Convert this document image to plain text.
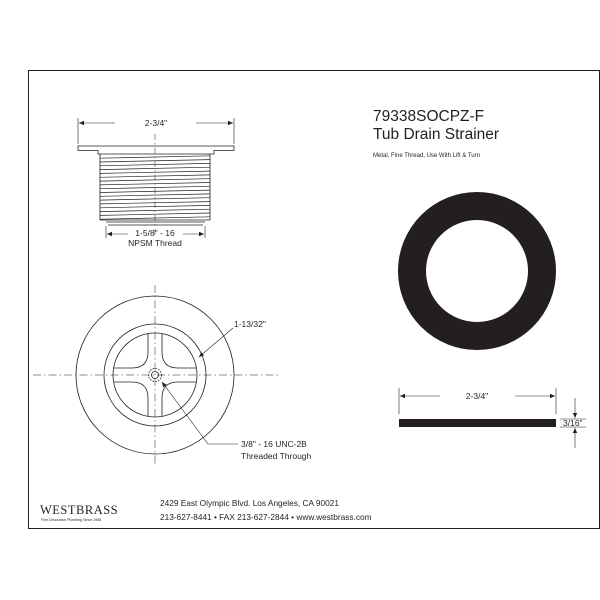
2-3/4"
1-5/8" - 16
NPSM Thread
1-13/32"
3/8" - 16 UNC-2B
Threaded Through
79338SOCPZ-F
Tub Drain Strainer
Metal, Fine Thread, Use With Lift & Turn
2-3/4"
3/16"
WESTBRASS
Fine Decorative Plumbing Since 1958
2429 East Olympic Blvd. Los Angeles, CA 90021
213-627-8441 • FAX 213-627-2844 • www.westbrass.com
